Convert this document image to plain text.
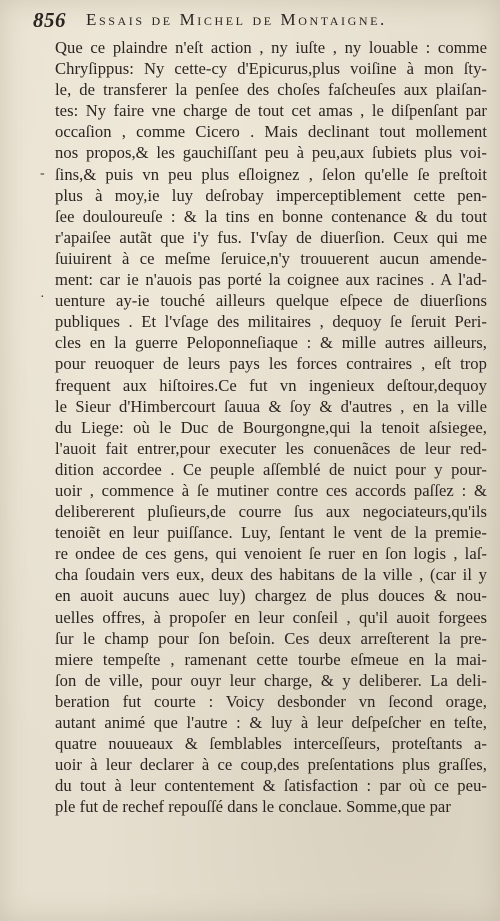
856 Essais de Michel de Montaigne.
-
·
Que ce plaindre n'eſt action , ny iuſte , ny louable : comme
Chryſippus: Ny cette-cy d'Epicurus,plus voiſine à mon ſty-
le, de transferer la penſee des choſes faſcheuſes aux plaiſan-
tes: Ny faire vne charge de tout cet amas , le diſpenſant par
occaſion , comme Cicero . Mais declinant tout mollement
nos propos,& les gauchiſſant peu à peu,aux ſubiets plus voi-
ſins,& puis vn peu plus eſloignez , ſelon qu'elle ſe preſtoit
plus à moy,ie luy deſrobay imperceptiblement cette pen-
ſee douloureuſe : & la tins en bonne contenance & du tout
r'apaiſee autãt que i'y fus. I'vſay de diuerſion. Ceux qui me
ſuiuirent à ce meſme ſeruice,n'y trouuerent aucun amende-
ment: car ie n'auois pas porté la coignee aux racines . A l'ad-
uenture ay-ie touché ailleurs quelque eſpece de diuerſions
publiques . Et l'vſage des militaires , dequoy ſe ſeruit Peri-
cles en la guerre Peloponneſiaque : & mille autres ailleurs,
pour reuoquer de leurs pays les forces contraires , eſt trop
frequent aux hiſtoires.Ce fut vn ingenieux deſtour,dequoy
le Sieur d'Himbercourt ſauua & ſoy & d'autres , en la ville
du Liege: où le Duc de Bourgongne,qui la tenoit aſsiegee,
l'auoit fait entrer,pour executer les conuenãces de leur red-
dition accordee . Ce peuple aſſemblé de nuict pour y pour-
uoir , commence à ſe mutiner contre ces accords paſſez : &
delibererent pluſieurs,de courre ſus aux negociateurs,qu'ils
tenoiẽt en leur puiſſance. Luy, ſentant le vent de la premie-
re ondee de ces gens, qui venoient ſe ruer en ſon logis , laſ-
cha ſoudain vers eux, deux des habitans de la ville , (car il y
en auoit aucuns auec luy) chargez de plus douces & nou-
uelles offres, à propoſer en leur conſeil , qu'il auoit forgees
ſur le champ pour ſon beſoin. Ces deux arreſterent la pre-
miere tempeſte , ramenant cette tourbe eſmeue en la mai-
ſon de ville, pour ouyr leur charge, & y deliberer. La deli-
beration fut courte : Voicy desbonder vn ſecond orage,
autant animé que l'autre : & luy à leur deſpeſcher en teſte,
quatre nouueaux & ſemblables interceſſeurs, proteſtants a-
uoir à leur declarer à ce coup,des preſentations plus graſſes,
du tout à leur contentement & ſatisfaction : par où ce peu-
ple fut de rechef repouſſé dans le conclaue. Somme,que par
